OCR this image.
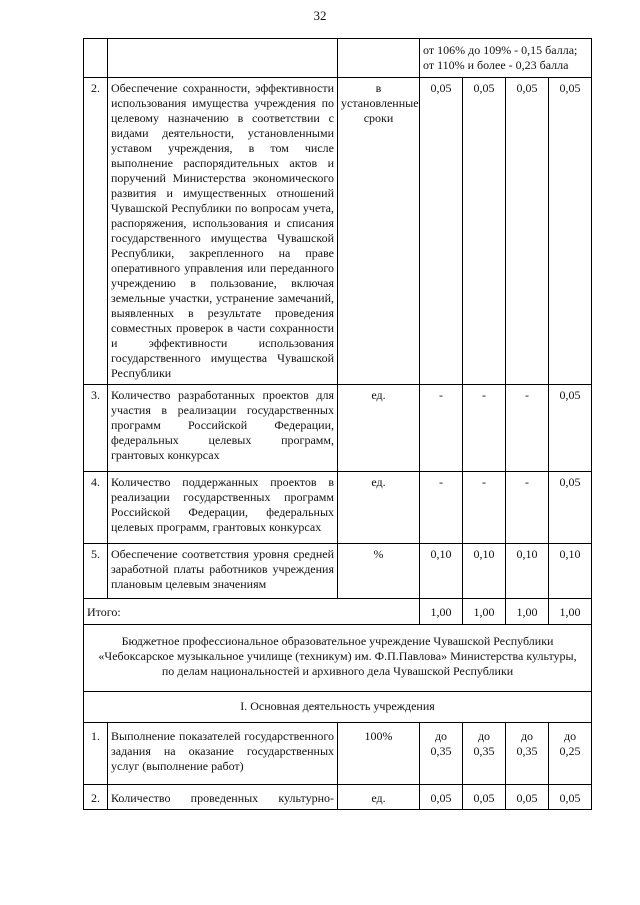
32

			от 106% до 109% - 0,15 балла;
от 110% и более - 0,23 балла			

2.	Обеспечение сохранности, эффективности использования имущества учреждения по целевому назначению в соответствии с видами деятельности, установленными уставом учреждения, в том числе выполнение распорядительных актов и поручений Министерства экономического развития и имущественных отношений Чувашской Республики по вопросам учета, распоряжения, использования и списания государственного имущества Чувашской Республики, закрепленного на праве оперативного управления или переданного учреждению в пользование, включая земельные участки, устранение замечаний, выявленных в результате проведения совместных проверок в части сохранности и эффективности использования государственного имущества Чувашской Республики	в установленные сроки	0,05	0,05	0,05	0,05
3.	Количество разработанных проектов для участия в реализации государственных программ Российской Федерации, федеральных целевых программ, грантовых конкурсах	ед.	-	-	-	0,05
4.	Количество поддержанных проектов в реализации государственных программ Российской Федерации, федеральных целевых программ, грантовых конкурсах	ед.	-	-	-	0,05
5.	Обеспечение соответствия уровня средней заработной платы работников учреждения плановым целевым значениям	%	0,10	0,10	0,10	0,10
Итого:			1,00	1,00	1,00	1,00
Бюджетное профессиональное образовательное учреждение Чувашской Республики «Чебоксарское музыкальное училище (техникум) им. Ф.П.Павлова» Министерства культуры, по делам национальностей и архивного дела Чувашской Республики						
I. Основная деятельность учреждения						
1.	Выполнение показателей государственного задания на оказание государственных услуг (выполнение работ)	100%	до 0,35	до 0,35	до 0,35	до 0,25
2.	Количество проведенных культурно-	ед.	0,05	0,05	0,05	0,05
